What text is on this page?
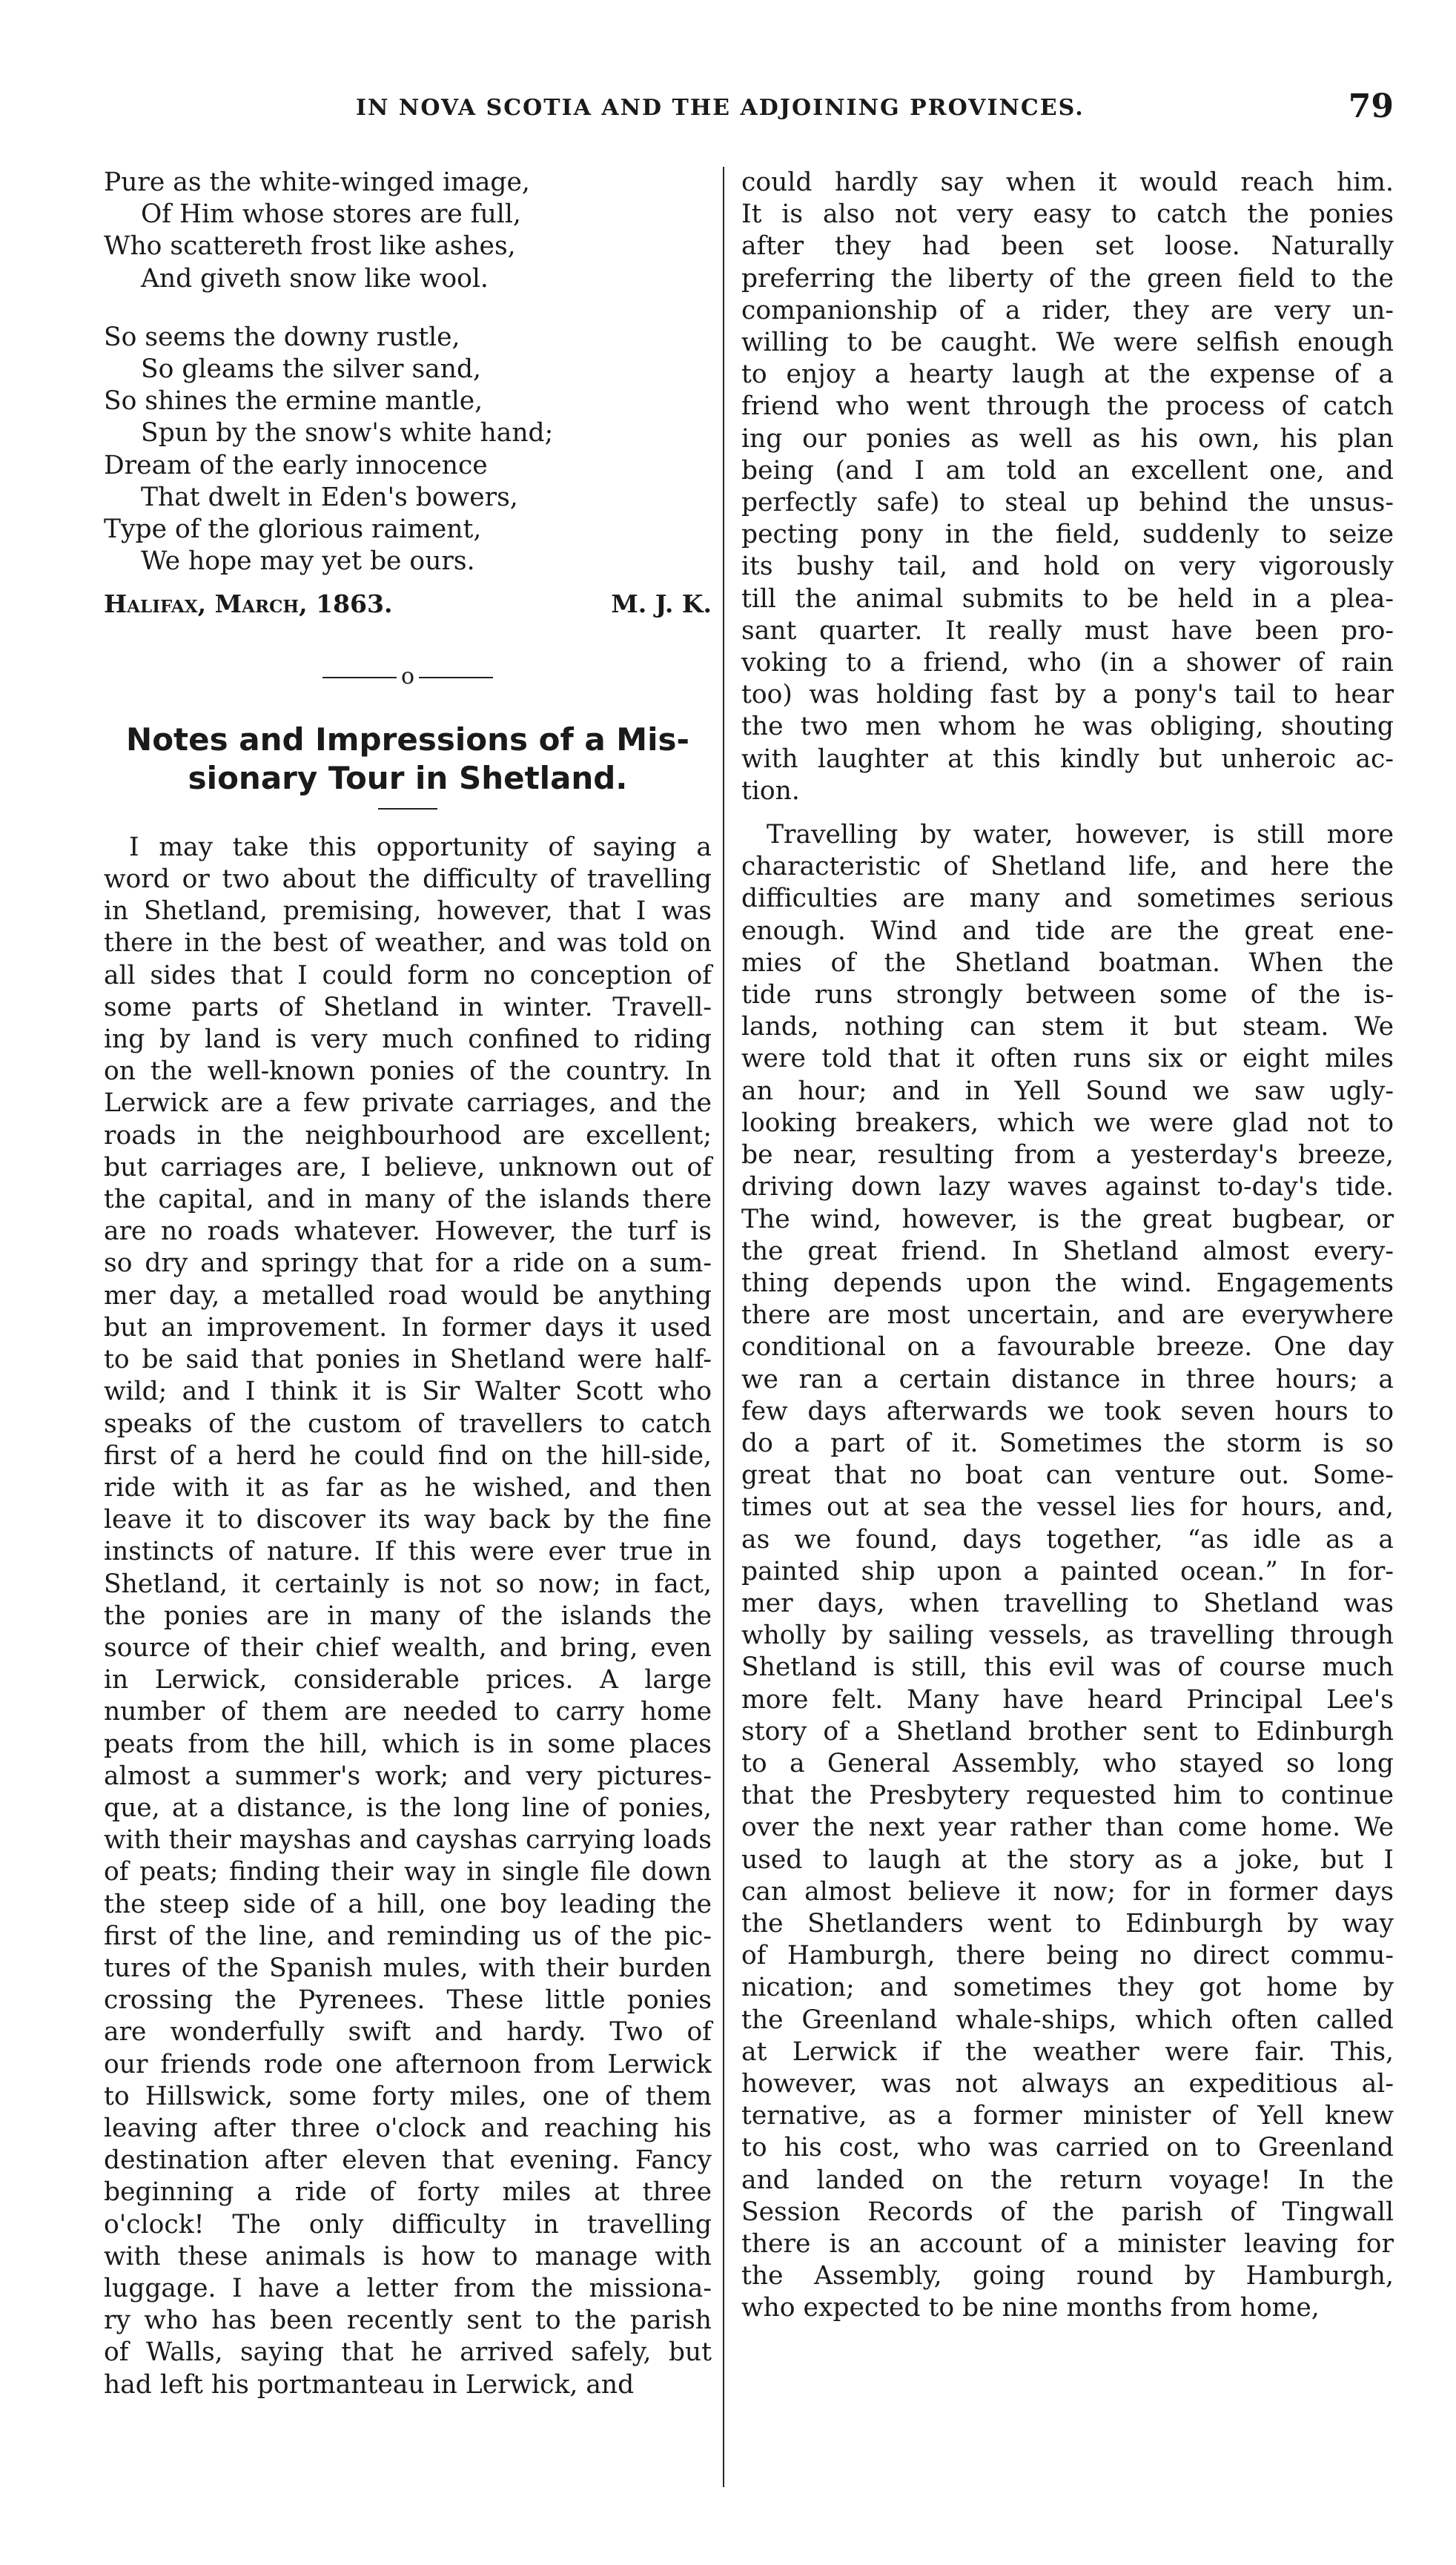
IN NOVA SCOTIA AND THE ADJOINING PROVINCES.	79
Pure as the white-winged image,
Of Him whose stores are full,
Who scattereth frost like ashes,
And giveth snow like wool.
So seems the downy rustle,
So gleams the silver sand,
So shines the ermine mantle,
Spun by the snow's white hand;
Dream of the early innocence
That dwelt in Eden's bowers,
Type of the glorious raiment,
We hope may yet be ours.
Halifax, March, 1863.	M. J. K.
o
Notes and Impressions of a Mis-
sionary Tour in Shetland.
I may take this opportunity of saying a
word or two about the difficulty of travelling
in Shetland, premising, however, that I was
there in the best of weather, and was told on
all sides that I could form no conception of
some parts of Shetland in winter. Travell-
ing by land is very much confined to riding
on the well-known ponies of the country. In
Lerwick are a few private carriages, and the
roads in the neighbourhood are excellent;
but carriages are, I believe, unknown out of
the capital, and in many of the islands there
are no roads whatever. However, the turf is
so dry and springy that for a ride on a sum-
mer day, a metalled road would be anything
but an improvement. In former days it used
to be said that ponies in Shetland were half-
wild; and I think it is Sir Walter Scott who
speaks of the custom of travellers to catch
first of a herd he could find on the hill-side,
ride with it as far as he wished, and then
leave it to discover its way back by the fine
instincts of nature. If this were ever true in
Shetland, it certainly is not so now; in fact,
the ponies are in many of the islands the
source of their chief wealth, and bring, even
in Lerwick, considerable prices. A large
number of them are needed to carry home
peats from the hill, which is in some places
almost a summer's work; and very pictures-
que, at a distance, is the long line of ponies,
with their mayshas and cayshas carrying loads
of peats; finding their way in single file down
the steep side of a hill, one boy leading the
first of the line, and reminding us of the pic-
tures of the Spanish mules, with their burden
crossing the Pyrenees. These little ponies
are wonderfully swift and hardy. Two of
our friends rode one afternoon from Lerwick
to Hillswick, some forty miles, one of them
leaving after three o'clock and reaching his
destination after eleven that evening. Fancy
beginning a ride of forty miles at three
o'clock! The only difficulty in travelling
with these animals is how to manage with
luggage. I have a letter from the missiona-
ry who has been recently sent to the parish
of Walls, saying that he arrived safely, but
had left his portmanteau in Lerwick, and
could hardly say when it would reach him.
It is also not very easy to catch the ponies
after they had been set loose. Naturally
preferring the liberty of the green field to the
companionship of a rider, they are very un-
willing to be caught. We were selfish enough
to enjoy a hearty laugh at the expense of a
friend who went through the process of catch
ing our ponies as well as his own, his plan
being (and I am told an excellent one, and
perfectly safe) to steal up behind the unsus-
pecting pony in the field, suddenly to seize
its bushy tail, and hold on very vigorously
till the animal submits to be held in a plea-
sant quarter. It really must have been pro-
voking to a friend, who (in a shower of rain
too) was holding fast by a pony's tail to hear
the two men whom he was obliging, shouting
with laughter at this kindly but unheroic ac-
tion.
Travelling by water, however, is still more
characteristic of Shetland life, and here the
difficulties are many and sometimes serious
enough. Wind and tide are the great ene-
mies of the Shetland boatman. When the
tide runs strongly between some of the is-
lands, nothing can stem it but steam. We
were told that it often runs six or eight miles
an hour; and in Yell Sound we saw ugly-
looking breakers, which we were glad not to
be near, resulting from a yesterday's breeze,
driving down lazy waves against to-day's tide.
The wind, however, is the great bugbear, or
the great friend. In Shetland almost every-
thing depends upon the wind. Engagements
there are most uncertain, and are everywhere
conditional on a favourable breeze. One day
we ran a certain distance in three hours; a
few days afterwards we took seven hours to
do a part of it. Sometimes the storm is so
great that no boat can venture out. Some-
times out at sea the vessel lies for hours, and,
as we found, days together, “as idle as a
painted ship upon a painted ocean.” In for-
mer days, when travelling to Shetland was
wholly by sailing vessels, as travelling through
Shetland is still, this evil was of course much
more felt. Many have heard Principal Lee's
story of a Shetland brother sent to Edinburgh
to a General Assembly, who stayed so long
that the Presbytery requested him to continue
over the next year rather than come home. We
used to laugh at the story as a joke, but I
can almost believe it now; for in former days
the Shetlanders went to Edinburgh by way
of Hamburgh, there being no direct commu-
nication; and sometimes they got home by
the Greenland whale-ships, which often called
at Lerwick if the weather were fair. This,
however, was not always an expeditious al-
ternative, as a former minister of Yell knew
to his cost, who was carried on to Greenland
and landed on the return voyage! In the
Session Records of the parish of Tingwall
there is an account of a minister leaving for
the Assembly, going round by Hamburgh,
who expected to be nine months from home,
